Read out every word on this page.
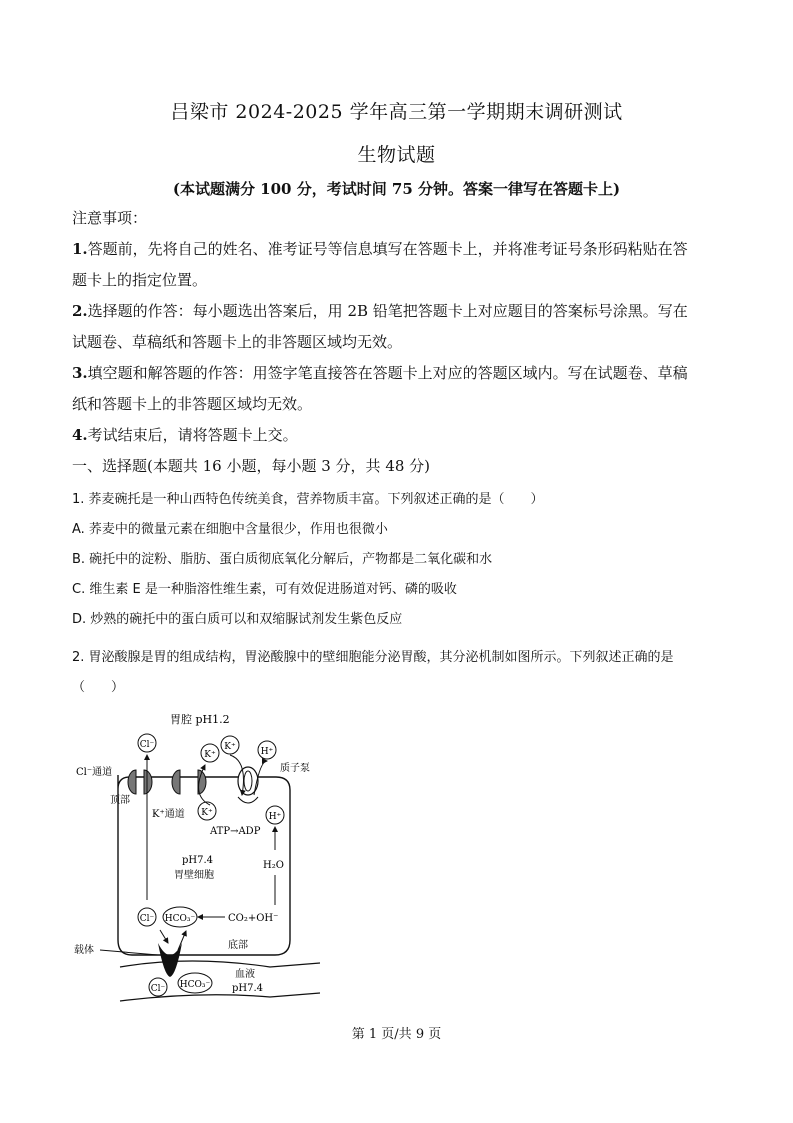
吕梁市 2024-2025 学年高三第一学期期末调研测试
生物试题
(本试题满分 100 分，考试时间 75 分钟。答案一律写在答题卡上)
注意事项：
1.答题前，先将自己的姓名、准考证号等信息填写在答题卡上，并将准考证号条形码粘贴在答
题卡上的指定位置。
2.选择题的作答：每小题选出答案后，用 2B 铅笔把答题卡上对应题目的答案标号涂黑。写在
试题卷、草稿纸和答题卡上的非答题区域均无效。
3.填空题和解答题的作答：用签字笔直接答在答题卡上对应的答题区域内。写在试题卷、草稿
纸和答题卡上的非答题区域均无效。
4.考试结束后，请将答题卡上交。
一、选择题(本题共 16 小题，每小题 3 分，共 48 分)
1. 荞麦碗托是一种山西特色传统美食，营养物质丰富。下列叙述正确的是（　　）
A. 荞麦中的微量元素在细胞中含量很少，作用也很微小
B. 碗托中的淀粉、脂肪、蛋白质彻底氧化分解后，产物都是二氧化碳和水
C. 维生素 E 是一种脂溶性维生素，可有效促进肠道对钙、磷的吸收
D. 炒熟的碗托中的蛋白质可以和双缩脲试剂发生紫色反应
2. 胃泌酸腺是胃的组成结构，胃泌酸腺中的壁细胞能分泌胃酸，其分泌机制如图所示。下列叙述正确的是
（　　）
胃腔 pH1.2
Cl⁻
K⁺
K⁺	H⁺
K⁺	H⁺
Cl⁻通道
顶部
K⁺通道
质子泵
ATP→ADP
pH7.4
胃壁细胞
H₂O
CO₂+OH⁻
Cl⁻ HCO₃⁻
底部
载体
Cl⁻ HCO₃⁻
血液
pH7.4
第 1 页/共 9 页
